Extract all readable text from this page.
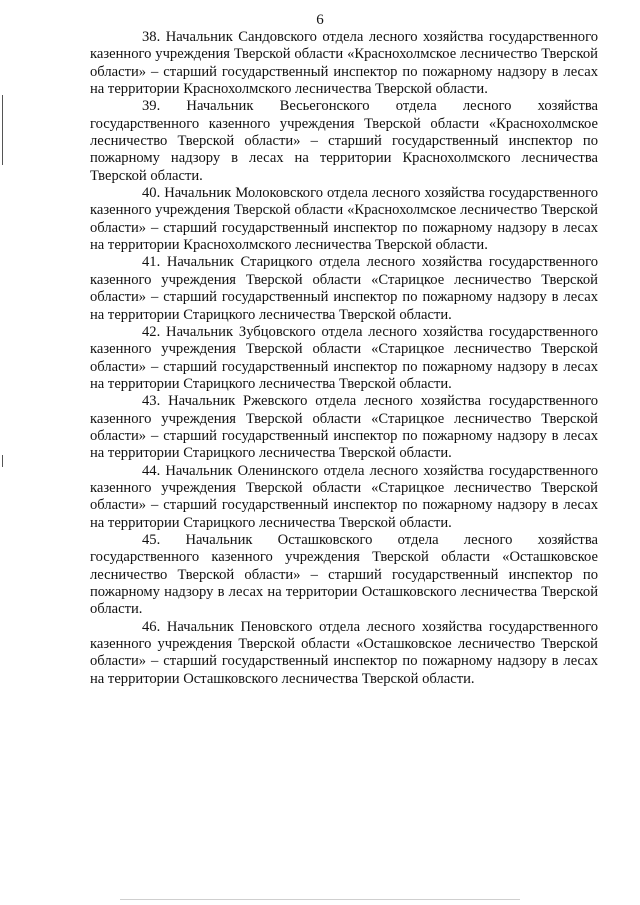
6

38. Начальник Сандовского отдела лесного хозяйства государственного казенного учреждения Тверской области «Краснохолмское лесничество Тверской области» – старший государственный инспектор по пожарному надзору в лесах на территории Краснохолмского лесничества Тверской области.

39. Начальник Весьегонского отдела лесного хозяйства государственного казенного учреждения Тверской области «Краснохолмское лесничество Тверской области» – старший государственный инспектор по пожарному надзору в лесах на территории Краснохолмского лесничества Тверской области.

40. Начальник Молоковского отдела лесного хозяйства государственного казенного учреждения Тверской области «Краснохолмское лесничество Тверской области» – старший государственный инспектор по пожарному надзору в лесах на территории Краснохолмского лесничества Тверской области.

41. Начальник Старицкого отдела лесного хозяйства государственного казенного учреждения Тверской области «Старицкое лесничество Тверской области» – старший государственный инспектор по пожарному надзору в лесах на территории Старицкого лесничества Тверской области.

42. Начальник Зубцовского отдела лесного хозяйства государственного казенного учреждения Тверской области «Старицкое лесничество Тверской области» – старший государственный инспектор по пожарному надзору в лесах на территории Старицкого лесничества Тверской области.

43. Начальник Ржевского отдела лесного хозяйства государственного казенного учреждения Тверской области «Старицкое лесничество Тверской области» – старший государственный инспектор по пожарному надзору в лесах на территории Старицкого лесничества Тверской области.

44. Начальник Оленинского отдела лесного хозяйства государственного казенного учреждения Тверской области «Старицкое лесничество Тверской области» – старший государственный инспектор по пожарному надзору в лесах на территории Старицкого лесничества Тверской области.

45. Начальник Осташковского отдела лесного хозяйства государственного казенного учреждения Тверской области «Осташковское лесничество Тверской области» – старший государственный инспектор по пожарному надзору в лесах на территории Осташковского лесничества Тверской области.

46. Начальник Пеновского отдела лесного хозяйства государственного казенного учреждения Тверской области «Осташковское лесничество Тверской области» – старший государственный инспектор по пожарному надзору в лесах на территории Осташковского лесничества Тверской области.
